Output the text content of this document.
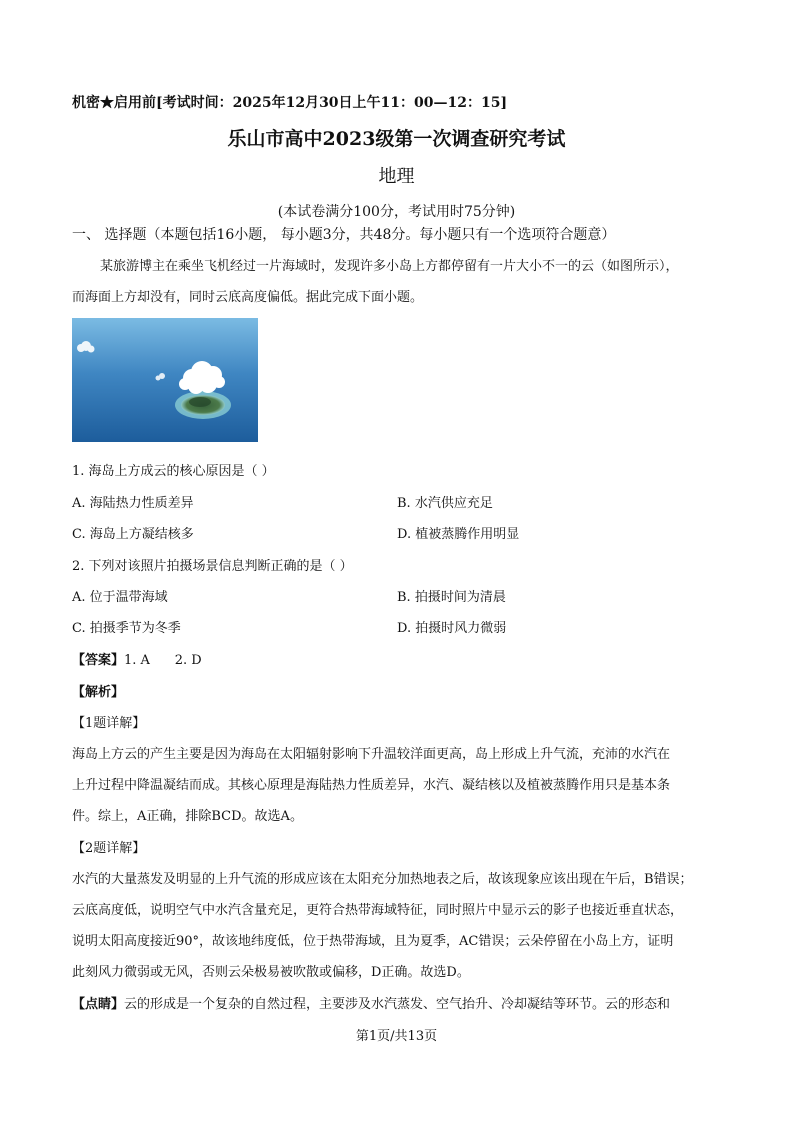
机密★启用前[考试时间：2025年12月30日上午11：00—12：15]
乐山市高中2023级第一次调查研究考试
地理
(本试卷满分100分，考试用时75分钟)
一、 选择题（本题包括16小题， 每小题3分，共48分。每小题只有一个选项符合题意）
某旅游博主在乘坐飞机经过一片海域时，发现许多小岛上方都停留有一片大小不一的云（如图所示），
而海面上方却没有，同时云底高度偏低。据此完成下面小题。
1. 海岛上方成云的核心原因是（ ）
A. 海陆热力性质差异	B. 水汽供应充足
C. 海岛上方凝结核多	D. 植被蒸腾作用明显
2. 下列对该照片拍摄场景信息判断正确的是（ ）
A. 位于温带海域	B. 拍摄时间为清晨
C. 拍摄季节为冬季	D. 拍摄时风力微弱
【答案】1. A      2. D
【解析】
【1题详解】
海岛上方云的产生主要是因为海岛在太阳辐射影响下升温较洋面更高，岛上形成上升气流，充沛的水汽在
上升过程中降温凝结而成。其核心原理是海陆热力性质差异，水汽、凝结核以及植被蒸腾作用只是基本条
件。综上，A正确，排除BCD。故选A。
【2题详解】
水汽的大量蒸发及明显的上升气流的形成应该在太阳充分加热地表之后，故该现象应该出现在午后，B错误；
云底高度低，说明空气中水汽含量充足，更符合热带海域特征，同时照片中显示云的影子也接近垂直状态，
说明太阳高度接近90°，故该地纬度低，位于热带海域，且为夏季，AC错误；云朵停留在小岛上方，证明
此刻风力微弱或无风，否则云朵极易被吹散或偏移，D正确。故选D。
【点睛】云的形成是一个复杂的自然过程，主要涉及水汽蒸发、空气抬升、冷却凝结等环节。云的形态和
第1页/共13页
